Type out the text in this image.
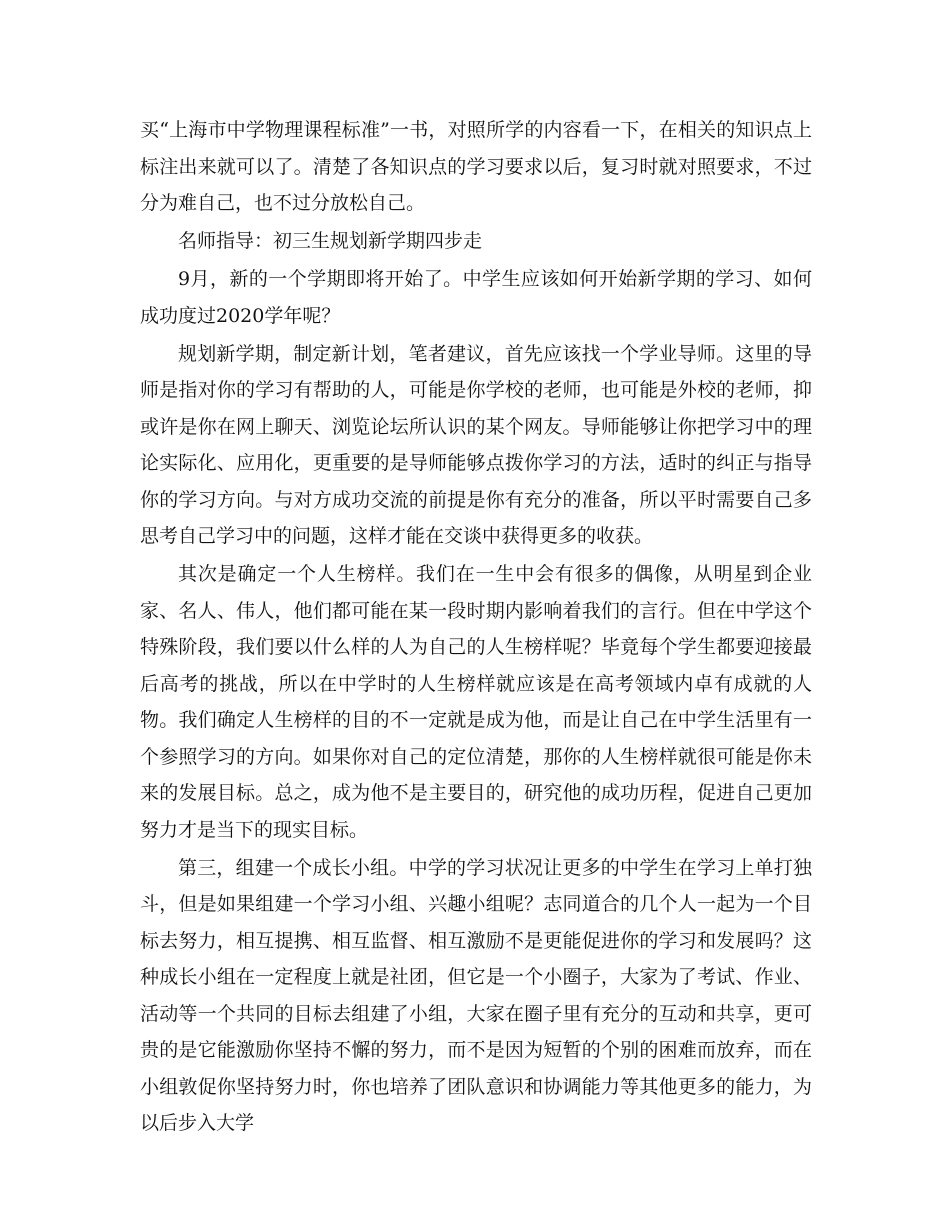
买“上海市中学物理课程标准”一书，对照所学的内容看一下，在相关的知识点上标注出来就可以了。清楚了各知识点的学习要求以后，复习时就对照要求，不过分为难自己，也不过分放松自己。

名师指导：初三生规划新学期四步走

9月，新的一个学期即将开始了。中学生应该如何开始新学期的学习、如何成功度过2020学年呢？

规划新学期，制定新计划，笔者建议，首先应该找一个学业导师。这里的导师是指对你的学习有帮助的人，可能是你学校的老师，也可能是外校的老师，抑或许是你在网上聊天、浏览论坛所认识的某个网友。导师能够让你把学习中的理论实际化、应用化，更重要的是导师能够点拨你学习的方法，适时的纠正与指导你的学习方向。与对方成功交流的前提是你有充分的准备，所以平时需要自己多思考自己学习中的问题，这样才能在交谈中获得更多的收获。

其次是确定一个人生榜样。我们在一生中会有很多的偶像，从明星到企业家、名人、伟人，他们都可能在某一段时期内影响着我们的言行。但在中学这个特殊阶段，我们要以什么样的人为自己的人生榜样呢？毕竟每个学生都要迎接最后高考的挑战，所以在中学时的人生榜样就应该是在高考领域内卓有成就的人物。我们确定人生榜样的目的不一定就是成为他，而是让自己在中学生活里有一个参照学习的方向。如果你对自己的定位清楚，那你的人生榜样就很可能是你未来的发展目标。总之，成为他不是主要目的，研究他的成功历程，促进自己更加努力才是当下的现实目标。

第三，组建一个成长小组。中学的学习状况让更多的中学生在学习上单打独斗，但是如果组建一个学习小组、兴趣小组呢？志同道合的几个人一起为一个目标去努力，相互提携、相互监督、相互激励不是更能促进你的学习和发展吗？这种成长小组在一定程度上就是社团，但它是一个小圈子，大家为了考试、作业、活动等一个共同的目标去组建了小组，大家在圈子里有充分的互动和共享，更可贵的是它能激励你坚持不懈的努力，而不是因为短暂的个别的困难而放弃，而在小组敦促你坚持努力时，你也培养了团队意识和协调能力等其他更多的能力，为以后步入大学
